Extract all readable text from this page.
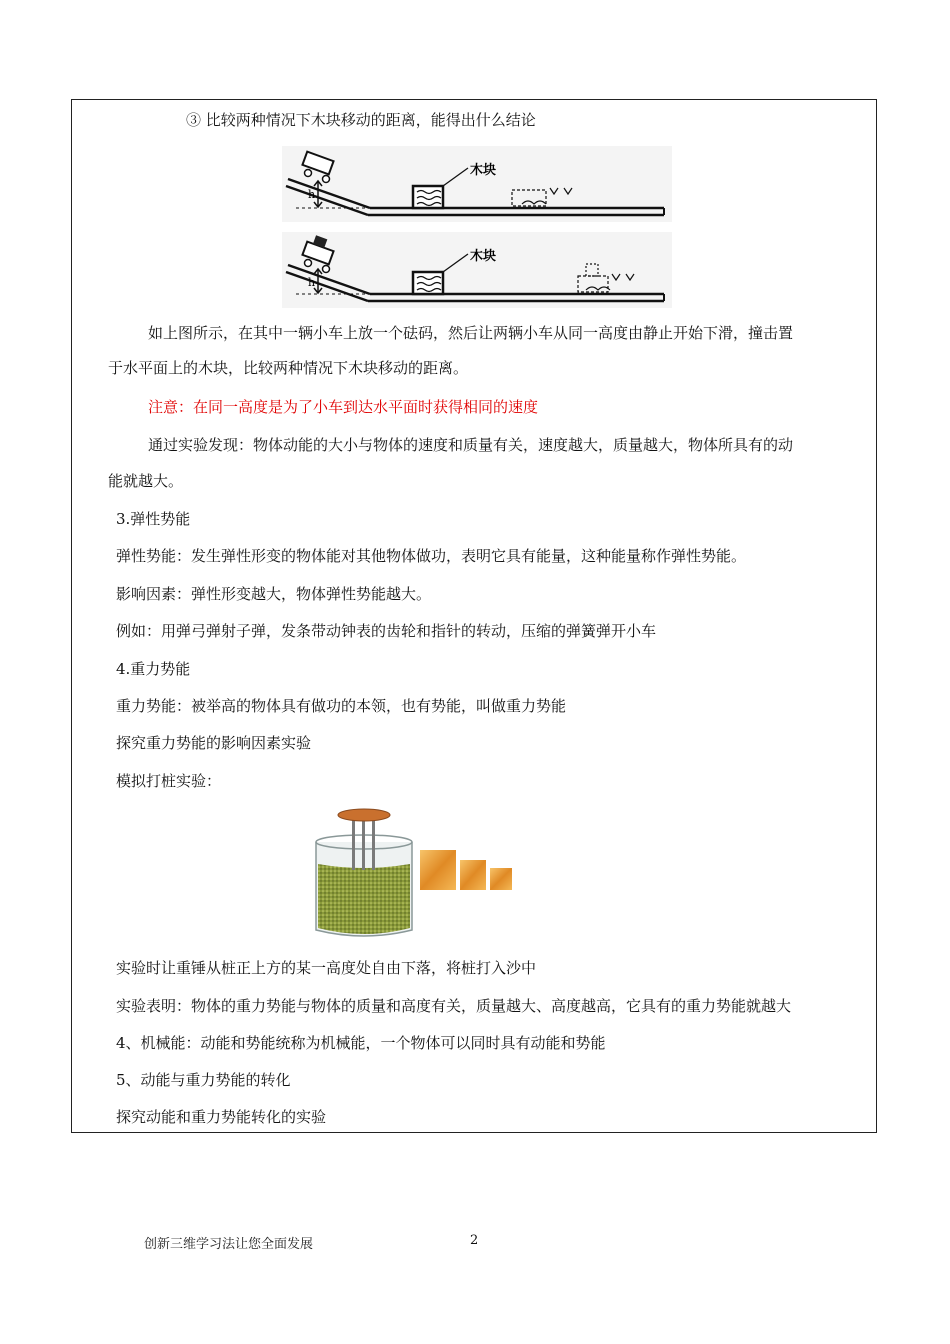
③ 比较两种情况下木块移动的距离，能得出什么结论
h
木块
h
木块
如上图所示，在其中一辆小车上放一个砝码，然后让两辆小车从同一高度由静止开始下滑，撞击置
于水平面上的木块，比较两种情况下木块移动的距离。
注意：在同一高度是为了小车到达水平面时获得相同的速度
通过实验发现：物体动能的大小与物体的速度和质量有关，速度越大，质量越大，物体所具有的动
能就越大。
3.弹性势能
弹性势能：发生弹性形变的物体能对其他物体做功，表明它具有能量，这种能量称作弹性势能。
影响因素：弹性形变越大，物体弹性势能越大。
例如：用弹弓弹射子弹，发条带动钟表的齿轮和指针的转动，压缩的弹簧弹开小车
4.重力势能
重力势能：被举高的物体具有做功的本领，也有势能，叫做重力势能
探究重力势能的影响因素实验
模拟打桩实验：
实验时让重锤从桩正上方的某一高度处自由下落，将桩打入沙中
实验表明：物体的重力势能与物体的质量和高度有关，质量越大、高度越高，它具有的重力势能就越大
4、机械能：动能和势能统称为机械能，一个物体可以同时具有动能和势能
5、动能与重力势能的转化
探究动能和重力势能转化的实验
创新三维学习法让您全面发展	2
